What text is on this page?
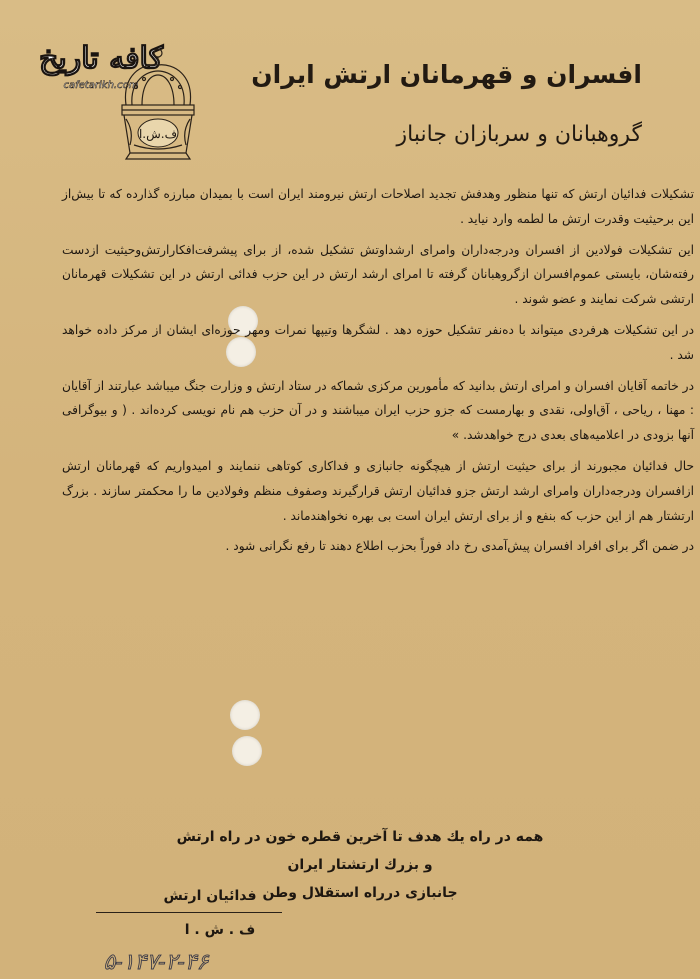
کافه تاریخ
cafetarikh.com
ف.ش.ا
افسران و قهرمانان ارتش ایران
گروهبانان و سربازان جانباز

تشکیلات فدائیان ارتش که تنها منظور وهدفش تجدید اصلاحات ارتش نیرومند ایران است با بمیدان مبارزه گذارده که تا بیش‌از این برحیثیت وقدرت ارتش ما لطمه وارد نیاید .

این تشکیلات فولادین از افسران ودرجه‌داران وامرای ارشداوتش تشکیل شده، از برای پیشرفت‌افکارارتش‌وحیثیت ازدست رفته‌شان، بایستی عموم‌افسران ازگروهبانان گرفته تا امرای ارشد ارتش در این حزب فدائی ارتش در این تشکیلات قهرمانان ارتشی شرکت نمایند و عضو شوند .

در این تشکیلات هرفردی میتواند با ده‌نفر تشکیل حوزه دهد . لشگرها وتیپها نمرات ومهر حوزه‌ای ایشان از مرکز داده خواهد شد .

در خاتمه آقایان افسران و امرای ارتش بدانید که مأمورین مرکزی شماکه در ستاد ارتش و وزارت جنگ میباشد عبارتند از آقایان : مهنا ، ریاحی ، آق‌اولی، نقدی و بهارمست که جزو حزب ایران میباشند و در آن حزب هم نام نویسی کرده‌اند . ( و بیوگرافی آنها بزودی در اعلامیه‌های بعدی درج خواهدشد. »

حال فدائیان مجبورند از برای حیثیت ارتش از هیچگونه جانبازی و فداکاری کوتاهی ننمایند و امیدواریم که قهرمانان ارتش ازافسران ودرجه‌داران وامرای ارشد ارتش جزو فدائیان ارتش قرارگیرند وصفوف منظم وفولادین ما را محکمتر سازند . بزرگ ارتشتار هم از این حزب که بنفع و از برای ارتش ایران است بی بهره نخواهندماند .

در ضمن اگر برای افراد افسران پیش‌آمدی رخ داد فوراً بحزب اطلاع دهند تا رفع نگرانی شود .

همه در راه یك هدف تا آخرین قطره خون در راه ارتش
و بزرك ارتشتار ایران
جانبازی درراه استقلال وطن
فدائیان ارتش
ف . ش . ا
۵-۱۴۷-۲-۴۶
